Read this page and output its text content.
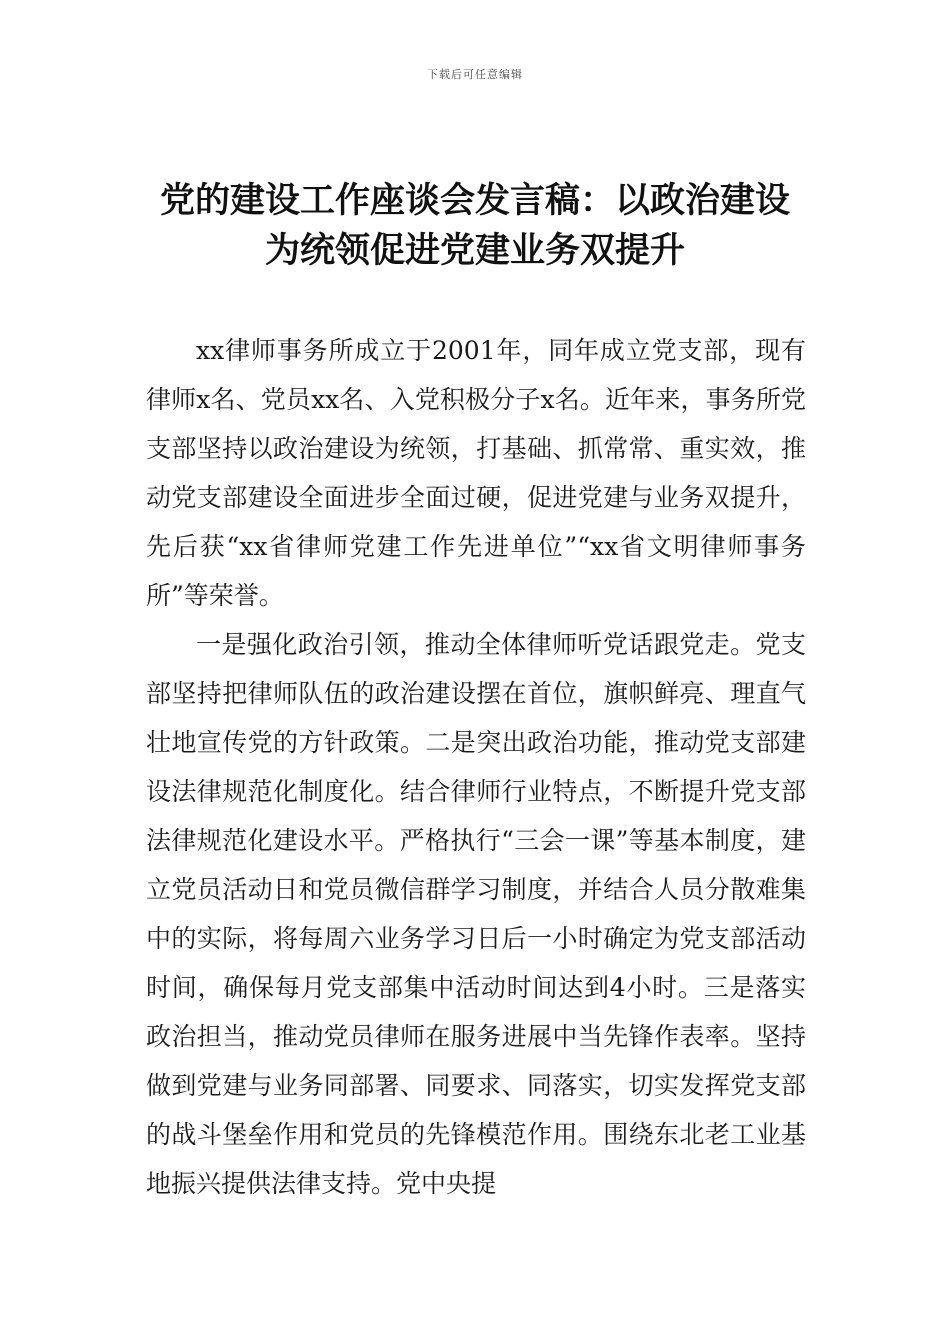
下载后可任意编辑
党的建设工作座谈会发言稿：以政治建设
为统领促进党建业务双提升

xx律师事务所成立于2001年，同年成立党支部，现有律师x名、党员xx名、入党积极分子x名。近年来，事务所党支部坚持以政治建设为统领，打基础、抓常常、重实效，推动党支部建设全面进步全面过硬，促进党建与业务双提升，先后获“xx省律师党建工作先进单位”“xx省文明律师事务所”等荣誉。

一是强化政治引领，推动全体律师听党话跟党走。党支部坚持把律师队伍的政治建设摆在首位，旗帜鲜亮、理直气壮地宣传党的方针政策。二是突出政治功能，推动党支部建设法律规范化制度化。结合律师行业特点，不断提升党支部法律规范化建设水平。严格执行“三会一课”等基本制度，建立党员活动日和党员微信群学习制度，并结合人员分散难集中的实际，将每周六业务学习日后一小时确定为党支部活动时间，确保每月党支部集中活动时间达到4小时。三是落实政治担当，推动党员律师在服务进展中当先锋作表率。坚持做到党建与业务同部署、同要求、同落实，切实发挥党支部的战斗堡垒作用和党员的先锋模范作用。围绕东北老工业基地振兴提供法律支持。党中央提
